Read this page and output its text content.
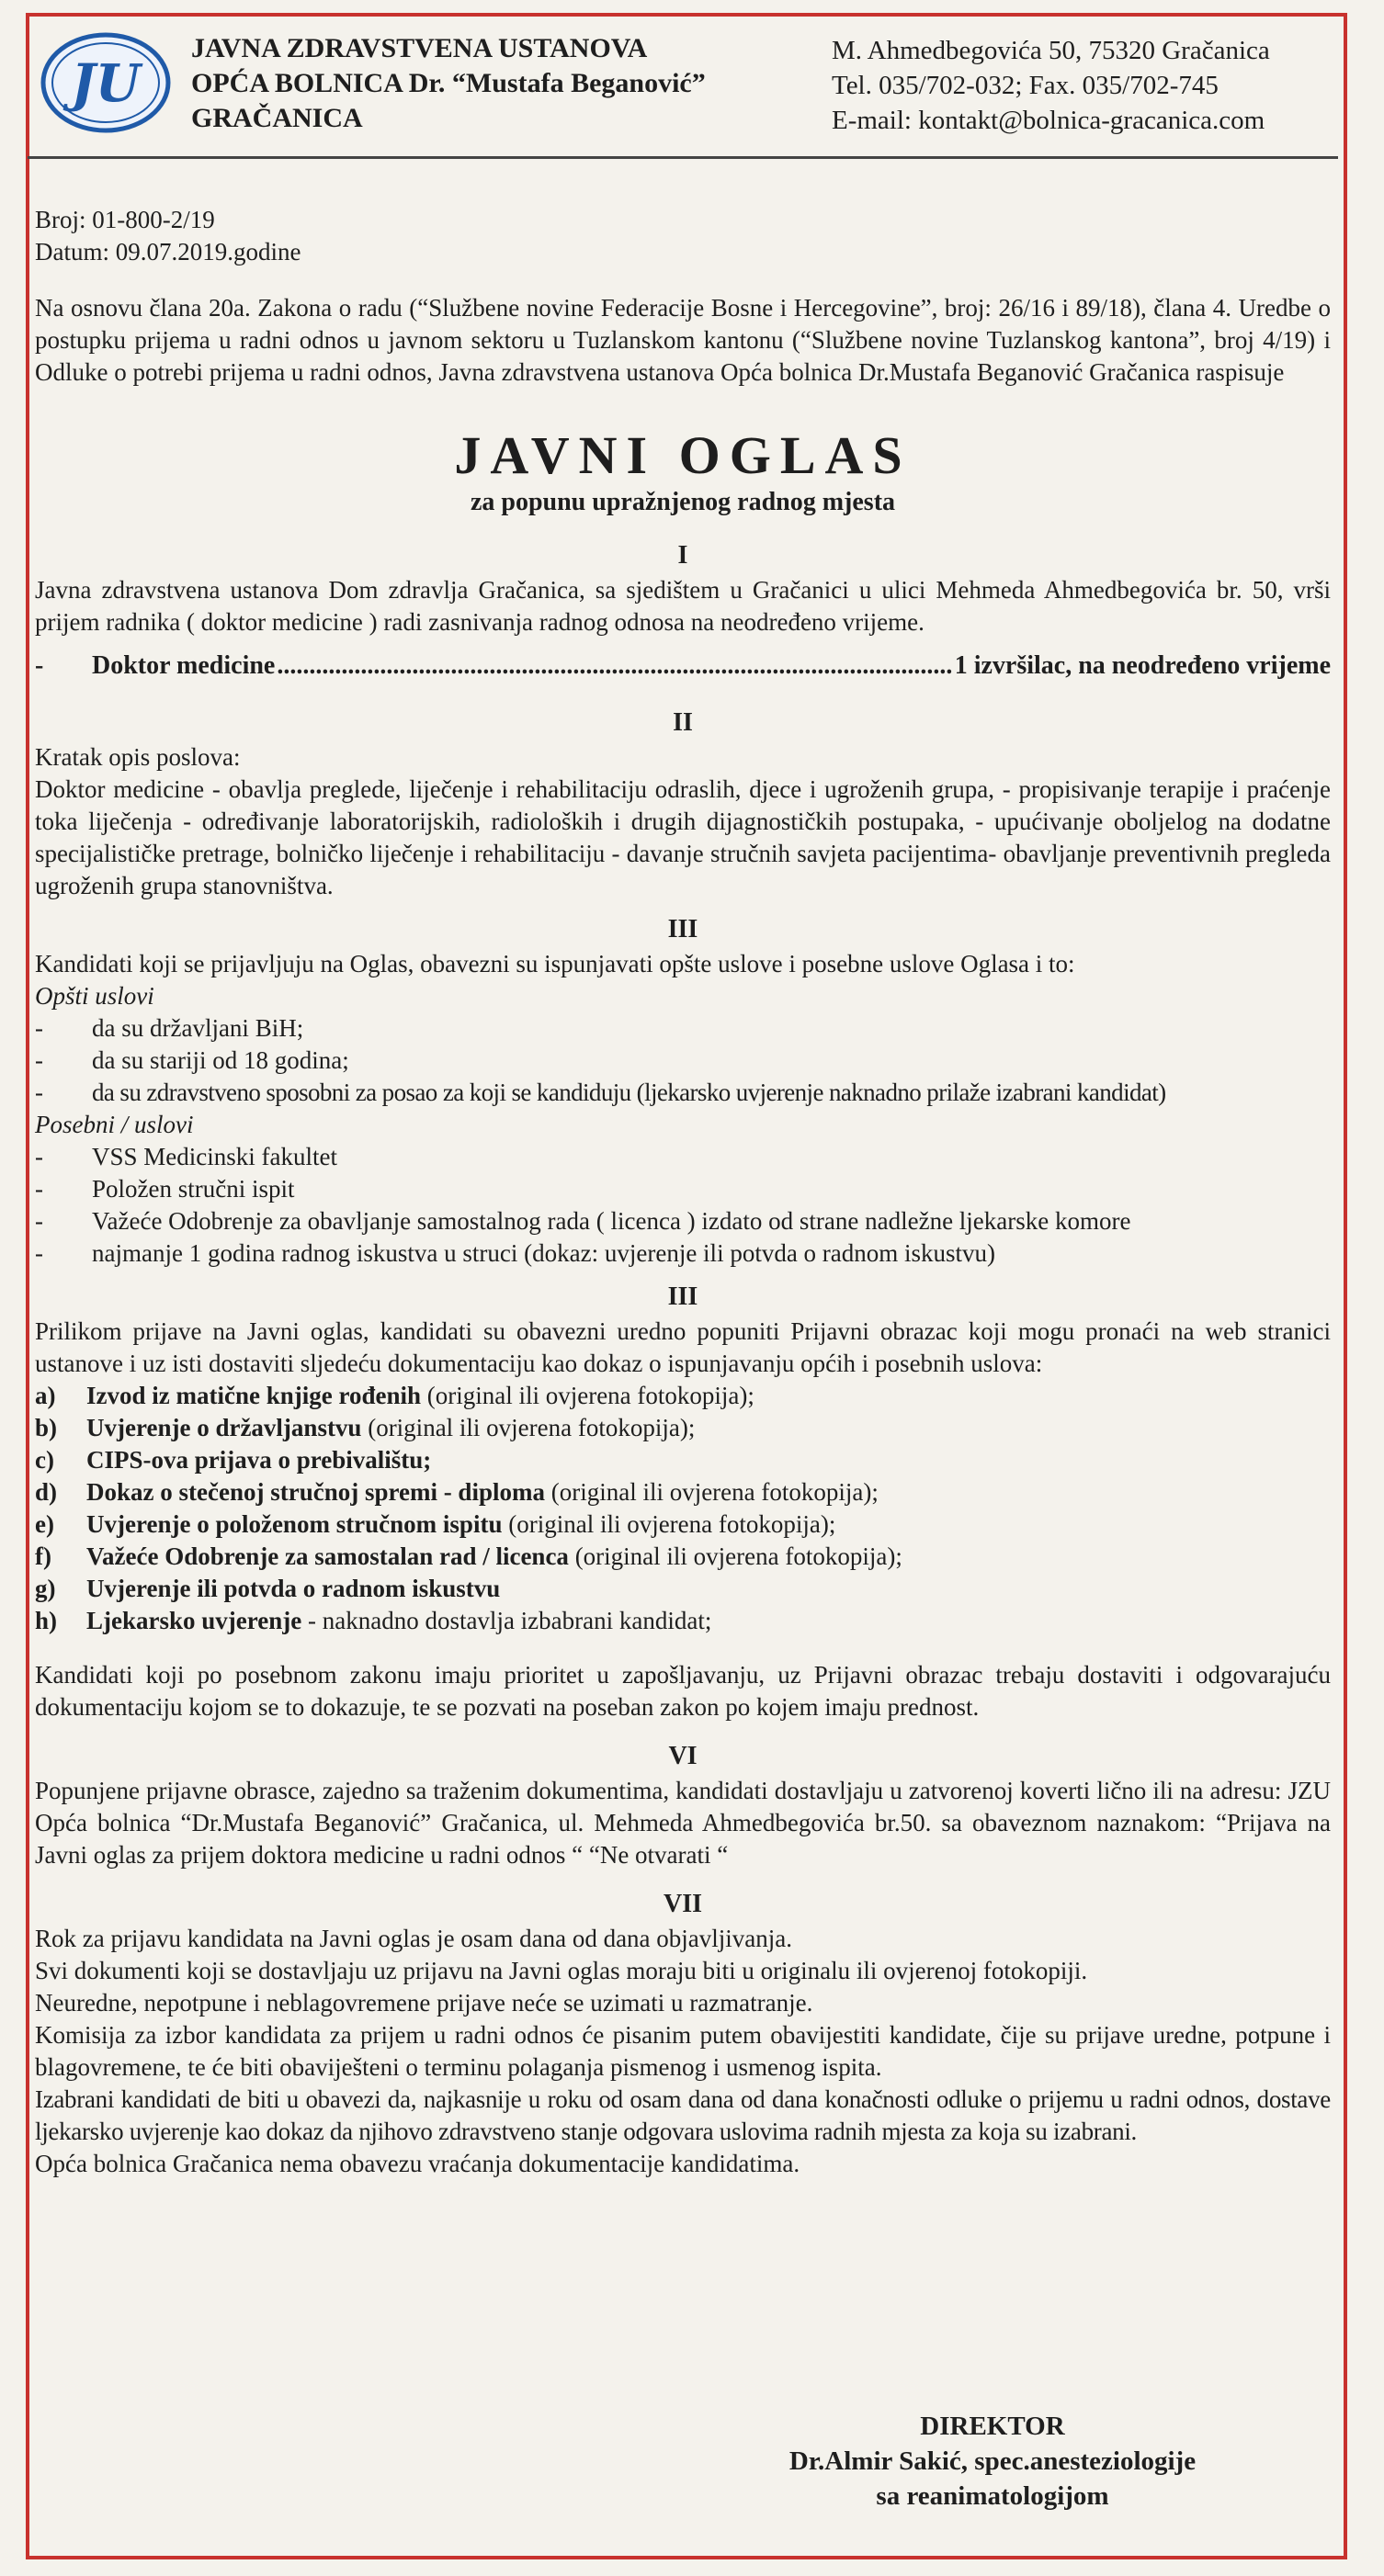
JU
JAVNA ZDRAVSTVENA USTANOVA
OPĆA BOLNICA Dr. “Mustafa Beganović”
GRAČANICA
M. Ahmedbegovića 50, 75320 Gračanica
Tel. 035/702-032; Fax. 035/702-745
E-mail: kontakt@bolnica-gracanica.com

Broj: 01-800-2/19

Datum: 09.07.2019.godine

Na osnovu člana 20a. Zakona o radu (“Službene novine Federacije Bosne i Hercegovine”, broj: 26/16 i 89/18), člana 4. Uredbe o postupku prijema u radni odnos u javnom sektoru u Tuzlanskom kantonu (“Službene novine Tuzlanskog kantona”, broj 4/19) i Odluke o potrebi prijema u radni odnos, Javna zdravstvena ustanova Opća bolnica Dr.Mustafa Beganović Gračanica raspisuje

JAVNI OGLAS
za popunu upražnjenog radnog mjesta
I

Javna zdravstvena ustanova Dom zdravlja Gračanica, sa sjedištem u Gračanici u ulici Mehmeda Ahmedbegovića br. 50, vrši prijem radnika ( doktor medicine ) radi zasnivanja radnog odnosa na neodređeno vrijeme.

-	Doktor medicine
.....	1 izvršilac, na neodređeno vrijeme
II

Kratak opis poslova:

Doktor medicine - obavlja preglede, liječenje i rehabilitaciju odraslih, djece i ugroženih grupa, - propisivanje terapije i praćenje toka liječenja - određivanje laboratorijskih, radioloških i drugih dijagnostičkih postupaka, - upućivanje oboljelog na dodatne specijalističke pretrage, bolničko liječenje i rehabilitaciju - davanje stručnih savjeta pacijentima- obavljanje preventivnih pregleda ugroženih grupa stanovništva.

III

Kandidati koji se prijavljuju na Oglas, obavezni su ispunjavati opšte uslove i posebne uslove Oglasa i to:

Opšti uslovi

-	da su državljani BiH;
-	da su stariji od 18 godina;
-	da su zdravstveno sposobni za posao za koji se kandiduju (ljekarsko uvjerenje naknadno prilaže izabrani kandidat)

Posebni / uslovi

-	VSS Medicinski fakultet
-	Položen stručni ispit
-	Važeće Odobrenje za obavljanje samostalnog rada ( licenca ) izdato od strane nadležne ljekarske komore
-	najmanje 1 godina radnog iskustva u struci (dokaz: uvjerenje ili potvda o radnom iskustvu)
III

Prilikom prijave na Javni oglas, kandidati su obavezni uredno popuniti Prijavni obrazac koji mogu pronaći na web stranici ustanove i uz isti dostaviti sljedeću dokumentaciju kao dokaz o ispunjavanju općih i posebnih uslova:

a)	Izvod iz matične knjige rođenih (original ili ovjerena fotokopija);
b)	Uvjerenje o državljanstvu (original ili ovjerena fotokopija);
c)	CIPS-ova prijava o prebivalištu;
d)	Dokaz o stečenoj stručnoj spremi - diploma (original ili ovjerena fotokopija);
e)	Uvjerenje o položenom stručnom ispitu (original ili ovjerena fotokopija);
f)	Važeće Odobrenje za samostalan rad / licenca (original ili ovjerena fotokopija);
g)	Uvjerenje ili potvda o radnom iskustvu
h)	Ljekarsko uvjerenje - naknadno dostavlja izbabrani kandidat;

Kandidati koji po posebnom zakonu imaju prioritet u zapošljavanju, uz Prijavni obrazac trebaju dostaviti i odgovarajuću dokumentaciju kojom se to dokazuje, te se pozvati na poseban zakon po kojem imaju prednost.

VI

Popunjene prijavne obrasce, zajedno sa traženim dokumentima, kandidati dostavljaju u zatvorenoj koverti lično ili na adresu: JZU Opća bolnica “Dr.Mustafa Beganović” Gračanica, ul. Mehmeda Ahmedbegovića br.50. sa obaveznom naznakom: “Prijava na Javni oglas za prijem doktora medicine u radni odnos “ “Ne otvarati “

VII

Rok za prijavu kandidata na Javni oglas je osam dana od dana objavljivanja.

Svi dokumenti koji se dostavljaju uz prijavu na Javni oglas moraju biti u originalu ili ovjerenoj fotokopiji.

Neuredne, nepotpune i neblagovremene prijave neće se uzimati u razmatranje.

Komisija za izbor kandidata za prijem u radni odnos će pisanim putem obavijestiti kandidate, čije su prijave uredne, potpune i blagovremene, te će biti obaviješteni o terminu polaganja pismenog i usmenog ispita.

Izabrani kandidati de biti u obavezi da, najkasnije u roku od osam dana od dana konačnosti odluke o prijemu u radni odnos, dostave ljekarsko uvjerenje kao dokaz da njihovo zdravstveno stanje odgovara uslovima radnih mjesta za koja su izabrani.

Opća bolnica Gračanica nema obavezu vraćanja dokumentacije kandidatima.

DIREKTOR
Dr.Almir Sakić, spec.anesteziologije
sa reanimatologijom
